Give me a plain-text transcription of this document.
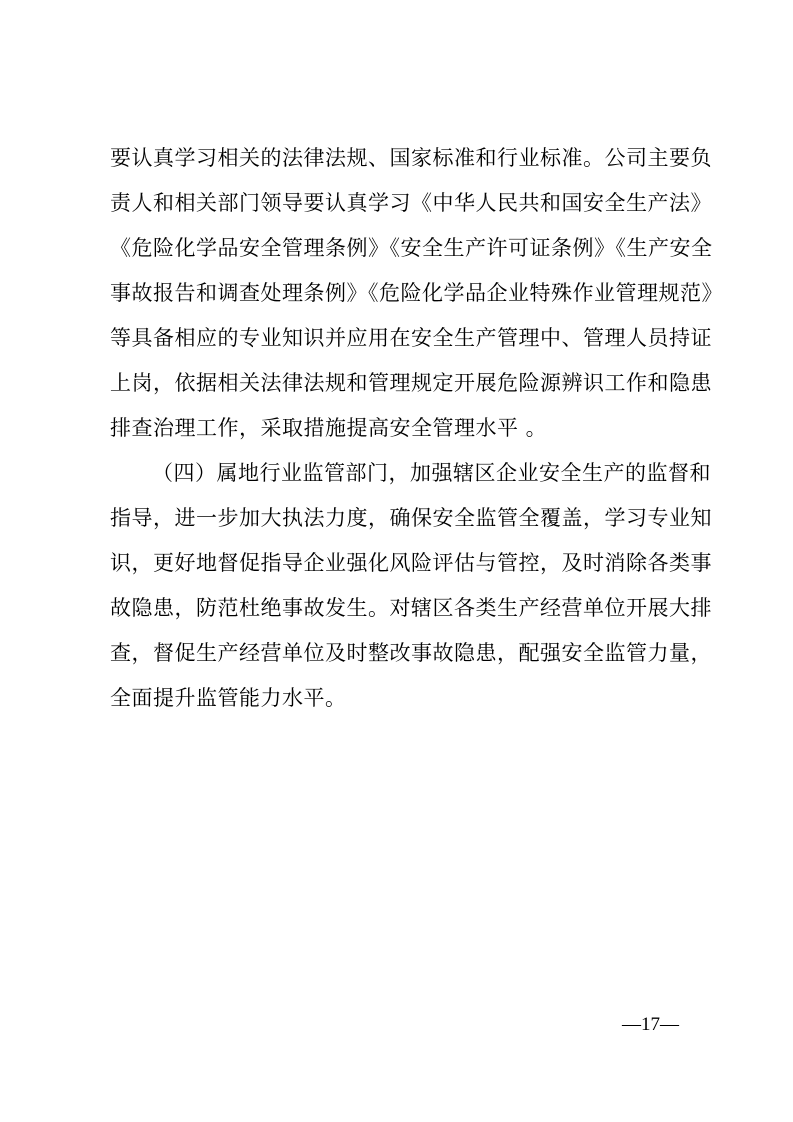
要认真学习相关的法律法规、国家标准和行业标准。公司主要负
责人和相关部门领导要认真学习《中华人民共和国安全生产法》
《危险化学品安全管理条例》《安全生产许可证条例》《生产安全
事故报告和调查处理条例》《危险化学品企业特殊作业管理规范》
等具备相应的专业知识并应用在安全生产管理中、管理人员持证
上岗，依据相关法律法规和管理规定开展危险源辨识工作和隐患
排查治理工作，采取措施提高安全管理水平 。
（四）属地行业监管部门，加强辖区企业安全生产的监督和
指导，进一步加大执法力度，确保安全监管全覆盖，学习专业知
识，更好地督促指导企业强化风险评估与管控，及时消除各类事
故隐患，防范杜绝事故发生。对辖区各类生产经营单位开展大排
查，督促生产经营单位及时整改事故隐患，配强安全监管力量，
全面提升监管能力水平。
—17—
